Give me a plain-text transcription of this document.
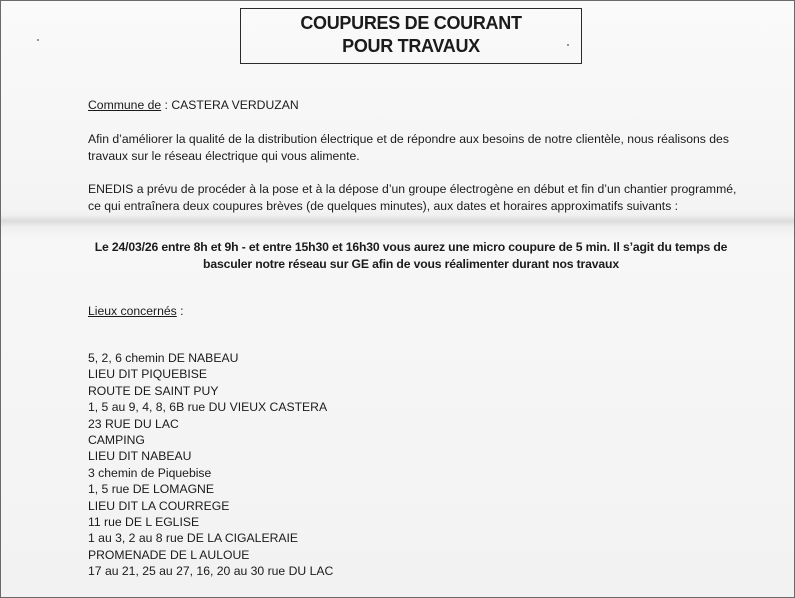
COUPURES DE COURANT
POUR TRAVAUX
Commune de : CASTERA VERDUZAN
Afin d’améliorer la qualité de la distribution électrique et de répondre aux besoins de notre clientèle, nous réalisons des
travaux sur le réseau électrique qui vous alimente.
ENEDIS a prévu de procéder à la pose et à la dépose d’un groupe électrogène en début et fin d’un chantier programmé,
ce qui entraînera deux coupures brèves (de quelques minutes), aux dates et horaires approximatifs suivants :
Le 24/03/26 entre 8h et 9h - et entre 15h30 et 16h30 vous aurez une micro coupure de 5 min. Il s’agit du temps de
basculer notre réseau sur GE afin de vous réalimenter durant nos travaux
Lieux concernés :
5, 2, 6 chemin DE NABEAU
LIEU DIT PIQUEBISE
ROUTE DE SAINT PUY
1, 5 au 9, 4, 8, 6B rue DU VIEUX CASTERA
23 RUE DU LAC
CAMPING
LIEU DIT NABEAU
3 chemin de Piquebise
1, 5 rue DE LOMAGNE
LIEU DIT LA COURREGE
11 rue DE L EGLISE
1 au 3, 2 au 8 rue DE LA CIGALERAIE
PROMENADE DE L AULOUE
17 au 21, 25 au 27, 16, 20 au 30 rue DU LAC
